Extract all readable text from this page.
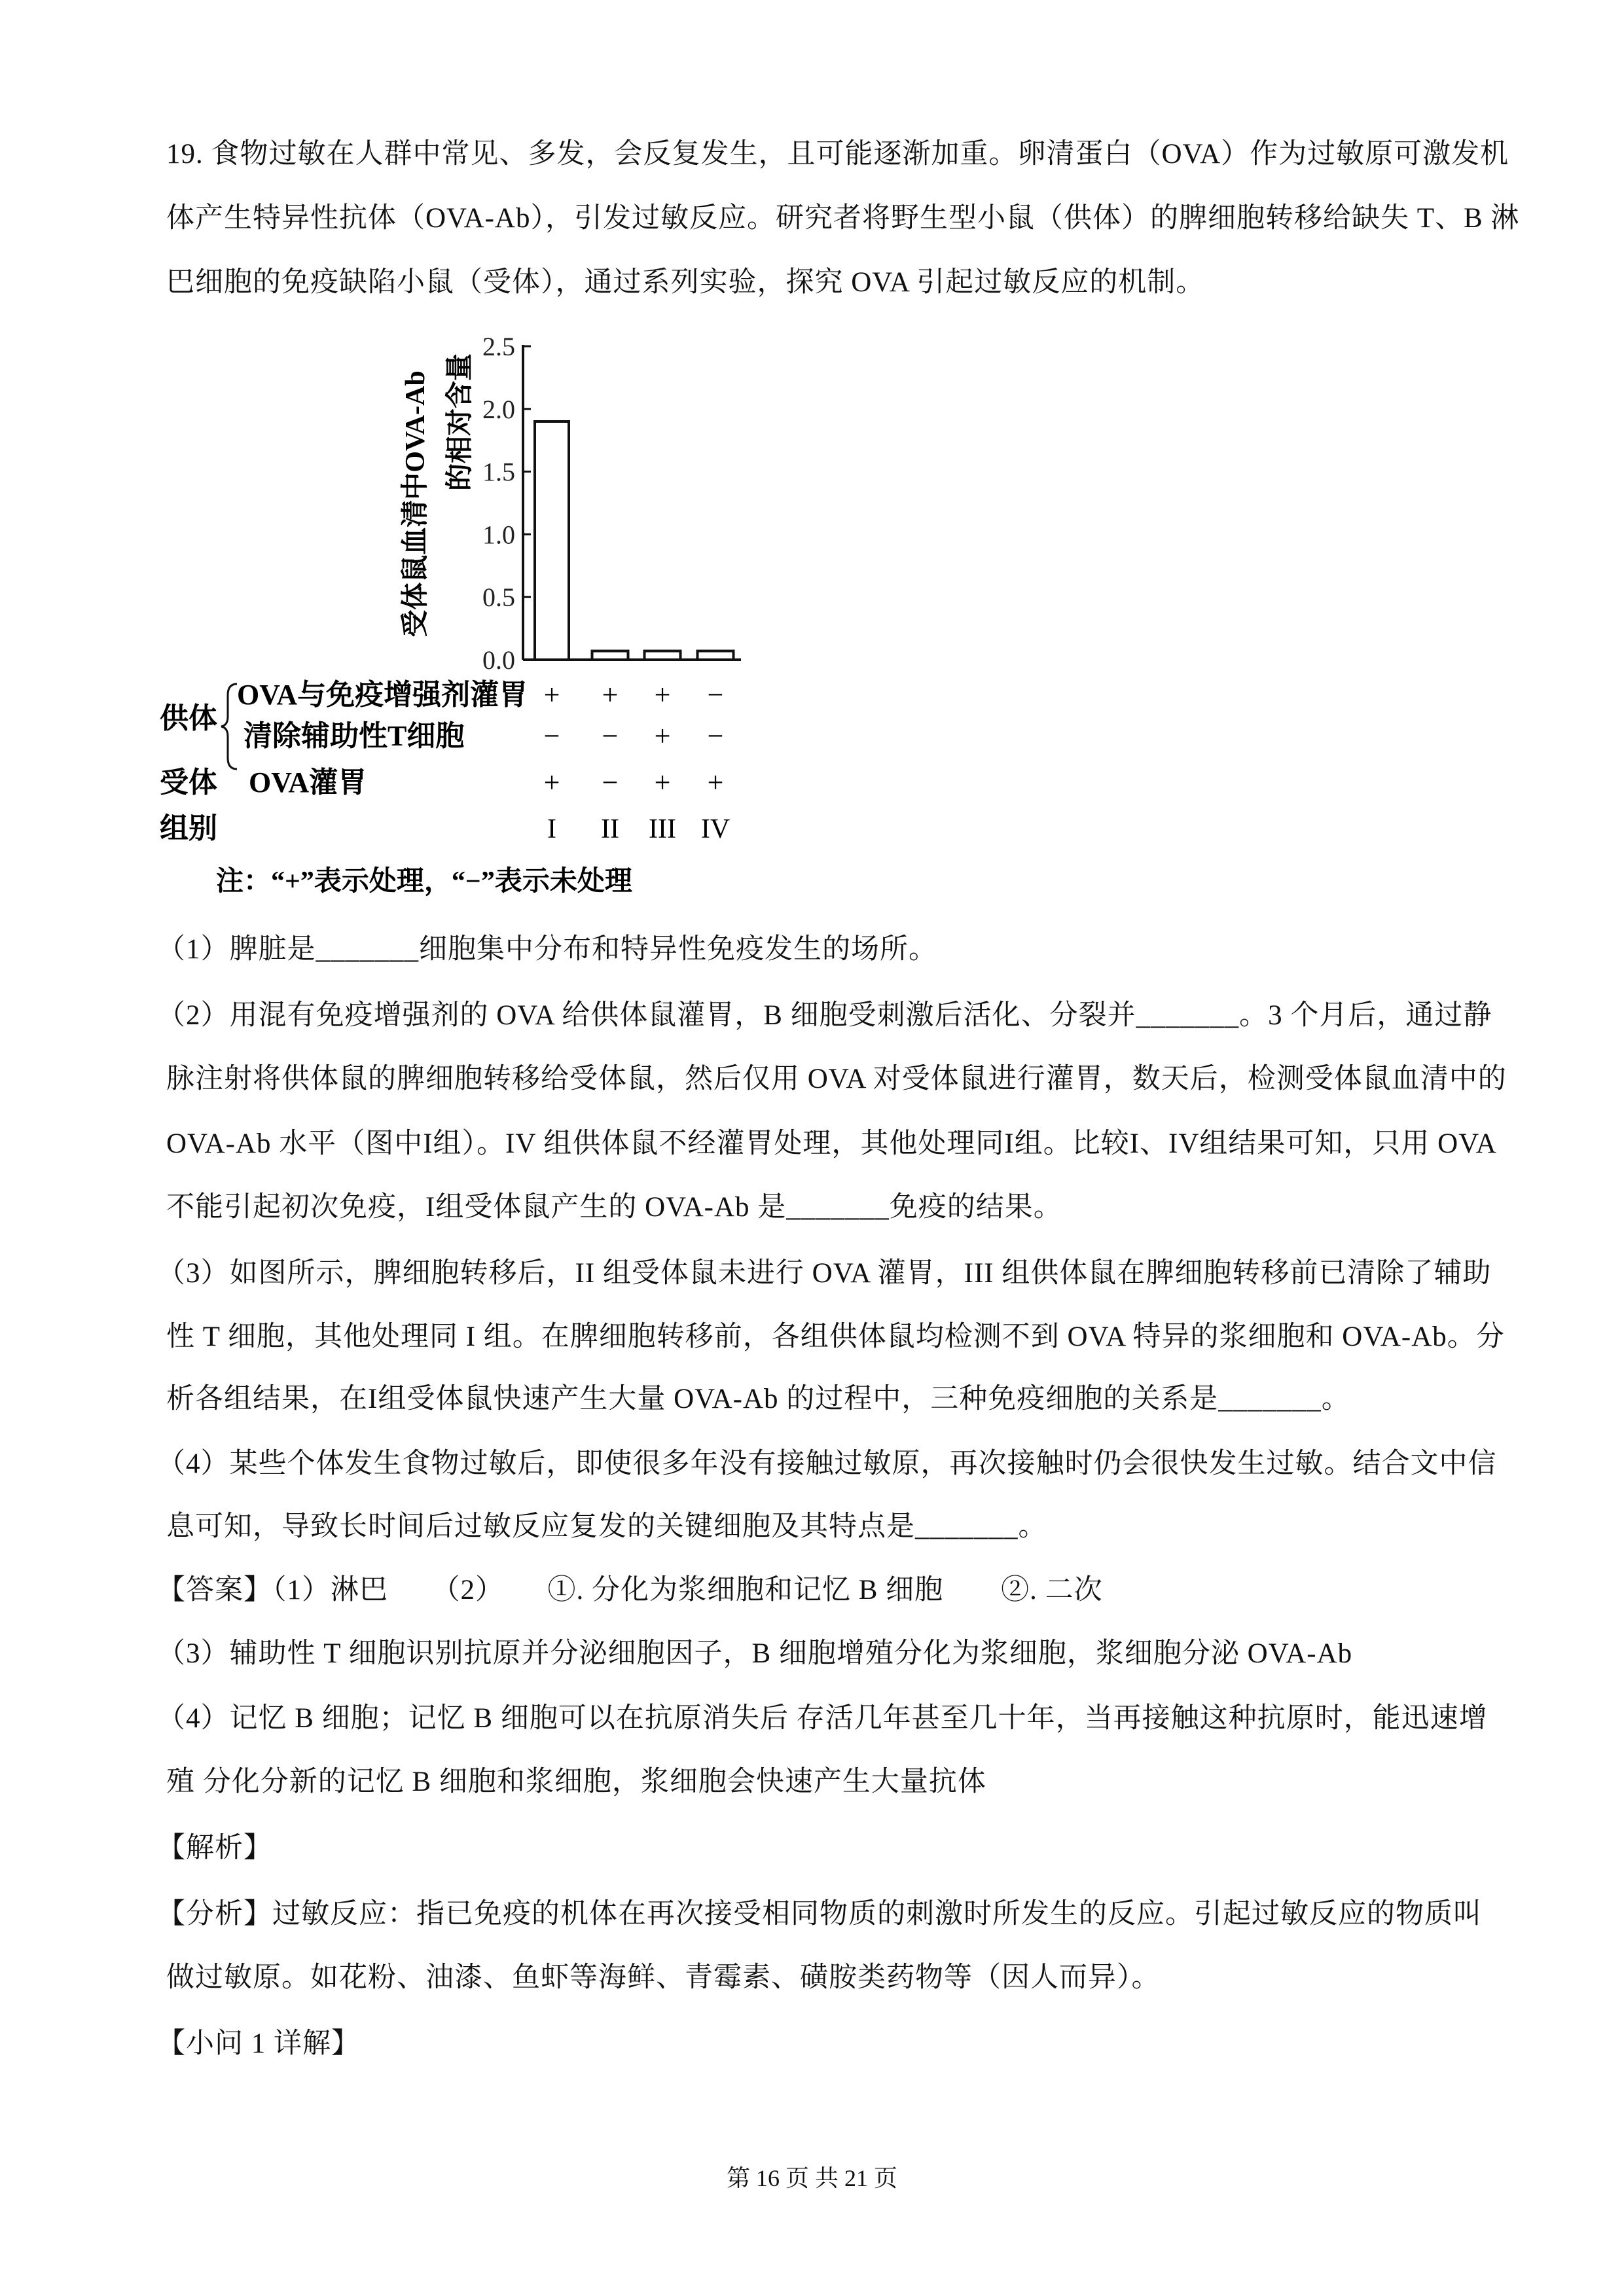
19. 食物过敏在人群中常见、多发，会反复发生，且可能逐渐加重。卵清蛋白（OVA）作为过敏原可激发机
体产生特异性抗体（OVA-Ab），引发过敏反应。研究者将野生型小鼠（供体）的脾细胞转移给缺失 T、B 淋
巴细胞的免疫缺陷小鼠（受体），通过系列实验，探究 OVA 引起过敏反应的机制。
0.0
0.5
1.0
1.5
2.0
2.5
受体鼠血清中OVA-Ab 的相对含量
供体
OVA与免疫增强剂灌胃
清除辅助性T细胞
受体 OVA灌胃
+ + + −
− − + −
+ − + +
组别	I II III IV
注：“+”表示处理，“−”表示未处理
（1）脾脏是_______细胞集中分布和特异性免疫发生的场所。
（2）用混有免疫增强剂的 OVA 给供体鼠灌胃，B 细胞受刺激后活化、分裂并_______。3 个月后，通过静
脉注射将供体鼠的脾细胞转移给受体鼠，然后仅用 OVA 对受体鼠进行灌胃，数天后，检测受体鼠血清中的
OVA-Ab 水平（图中I组）。IV 组供体鼠不经灌胃处理，其他处理同I组。比较I、IV组结果可知，只用 OVA
不能引起初次免疫，I组受体鼠产生的 OVA-Ab 是_______免疫的结果。
（3）如图所示，脾细胞转移后，II 组受体鼠未进行 OVA 灌胃，III 组供体鼠在脾细胞转移前已清除了辅助
性 T 细胞，其他处理同 I 组。在脾细胞转移前，各组供体鼠均检测不到 OVA 特异的浆细胞和 OVA-Ab。分
析各组结果，在I组受体鼠快速产生大量 OVA-Ab 的过程中，三种免疫细胞的关系是_______。
（4）某些个体发生食物过敏后，即使很多年没有接触过敏原，再次接触时仍会很快发生过敏。结合文中信
息可知，导致长时间后过敏反应复发的关键细胞及其特点是_______。
【答案】（1）淋巴　　（2）　　①. 分化为浆细胞和记忆 B 细胞　　②. 二次
（3）辅助性 T 细胞识别抗原并分泌细胞因子，B 细胞增殖分化为浆细胞，浆细胞分泌 OVA-Ab
（4）记忆 B 细胞；记忆 B 细胞可以在抗原消失后 存活几年甚至几十年，当再接触这种抗原时，能迅速增
殖 分化分新的记忆 B 细胞和浆细胞，浆细胞会快速产生大量抗体
【解析】
【分析】过敏反应：指已免疫的机体在再次接受相同物质的刺激时所发生的反应。引起过敏反应的物质叫
做过敏原。如花粉、油漆、鱼虾等海鲜、青霉素、磺胺类药物等（因人而异）。
【小问 1 详解】
第 16 页 共 21 页
